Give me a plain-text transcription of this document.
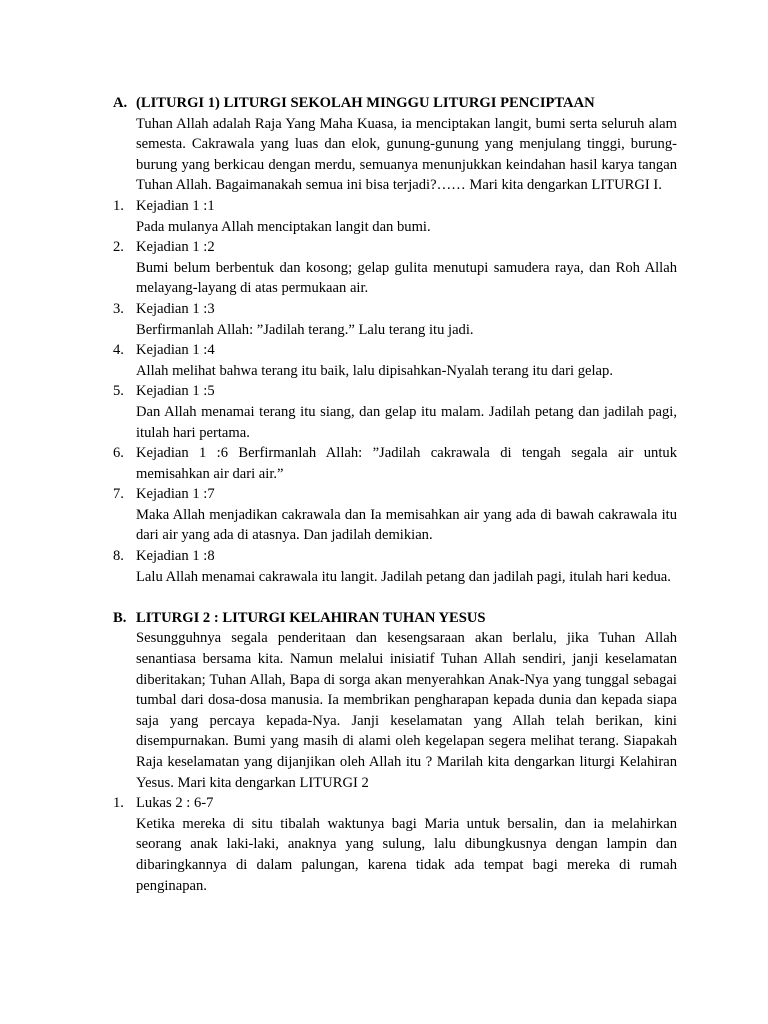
A. (LITURGI 1) LITURGI SEKOLAH MINGGU LITURGI PENCIPTAAN
Tuhan Allah adalah Raja Yang Maha Kuasa, ia menciptakan langit, bumi serta seluruh alam semesta. Cakrawala yang luas dan elok, gunung-gunung yang menjulang tinggi, burung-burung yang berkicau dengan merdu, semuanya menunjukkan keindahan hasil karya tangan Tuhan Allah. Bagaimanakah semua ini bisa terjadi?…… Mari kita dengarkan LITURGI I.
1. Kejadian 1 :1
Pada mulanya Allah menciptakan langit dan bumi.
2. Kejadian 1 :2
Bumi belum berbentuk dan kosong; gelap gulita menutupi samudera raya, dan Roh Allah melayang-layang di atas permukaan air.
3. Kejadian 1 :3
Berfirmanlah Allah: ”Jadilah terang.” Lalu terang itu jadi.
4. Kejadian 1 :4
Allah melihat bahwa terang itu baik, lalu dipisahkan-Nyalah terang itu dari gelap.
5. Kejadian 1 :5
Dan Allah menamai terang itu siang, dan gelap itu malam. Jadilah petang dan jadilah pagi, itulah hari pertama.
6. Kejadian 1 :6 Berfirmanlah Allah: ”Jadilah cakrawala di tengah segala air untuk memisahkan air dari air.”
7. Kejadian 1 :7
Maka Allah menjadikan cakrawala dan Ia memisahkan air yang ada di bawah cakrawala itu dari air yang ada di atasnya. Dan jadilah demikian.
8. Kejadian 1 :8
Lalu Allah menamai cakrawala itu langit. Jadilah petang dan jadilah pagi, itulah hari kedua.
B. LITURGI 2 : LITURGI KELAHIRAN TUHAN YESUS
Sesungguhnya segala penderitaan dan kesengsaraan akan berlalu, jika Tuhan Allah senantiasa bersama kita. Namun melalui inisiatif Tuhan Allah sendiri, janji keselamatan diberitakan; Tuhan Allah, Bapa di sorga akan menyerahkan Anak-Nya yang tunggal sebagai tumbal dari dosa-dosa manusia. Ia membrikan pengharapan kepada dunia dan kepada siapa saja yang percaya kepada-Nya. Janji keselamatan yang Allah telah berikan, kini disempurnakan. Bumi yang masih di alami oleh kegelapan segera melihat terang. Siapakah Raja keselamatan yang dijanjikan oleh Allah itu ? Marilah kita dengarkan liturgi Kelahiran Yesus. Mari kita dengarkan LITURGI 2
1. Lukas 2 : 6-7
Ketika mereka di situ tibalah waktunya bagi Maria untuk bersalin, dan ia melahirkan seorang anak laki-laki, anaknya yang sulung, lalu dibungkusnya dengan lampin dan dibaringkannya di dalam palungan, karena tidak ada tempat bagi mereka di rumah penginapan.
